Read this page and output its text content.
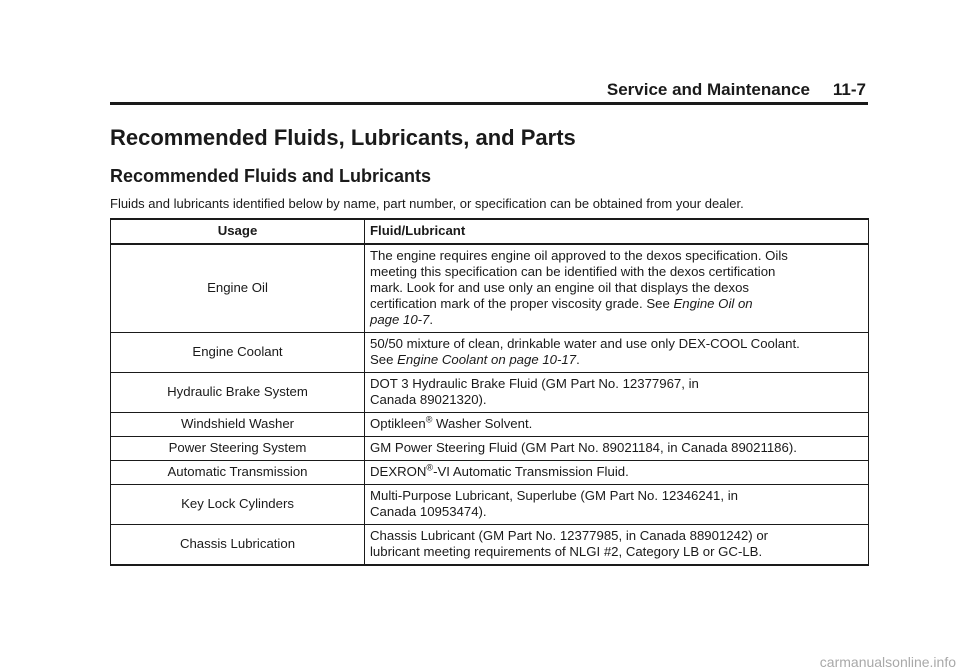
Service and Maintenance 11-7
Recommended Fluids, Lubricants, and Parts
Recommended Fluids and Lubricants

Fluids and lubricants identified below by name, part number, or specification can be obtained from your dealer.

Usage	Fluid/Lubricant
Engine Oil	The engine requires engine oil approved to the dexos specification. Oils
meeting this specification can be identified with the dexos certification
mark. Look for and use only an engine oil that displays the dexos
certification mark of the proper viscosity grade. See Engine Oil on
page 10-7.

Engine Coolant	50/50 mixture of clean, drinkable water and use only DEX-COOL Coolant.
See Engine Coolant on page 10-17.

Hydraulic Brake System	DOT 3 Hydraulic Brake Fluid (GM Part No. 12377967, in
Canada 89021320).

Windshield Washer	Optikleen® Washer Solvent.
Power Steering System	GM Power Steering Fluid (GM Part No. 89021184, in Canada 89021186).
Automatic Transmission	DEXRON®-VI Automatic Transmission Fluid.
Key Lock Cylinders	Multi-Purpose Lubricant, Superlube (GM Part No. 12346241, in
Canada 10953474).

Chassis Lubrication	Chassis Lubricant (GM Part No. 12377985, in Canada 88901242) or
lubricant meeting requirements of NLGI #2, Category LB or GC-LB.
carmanualsonline.info
